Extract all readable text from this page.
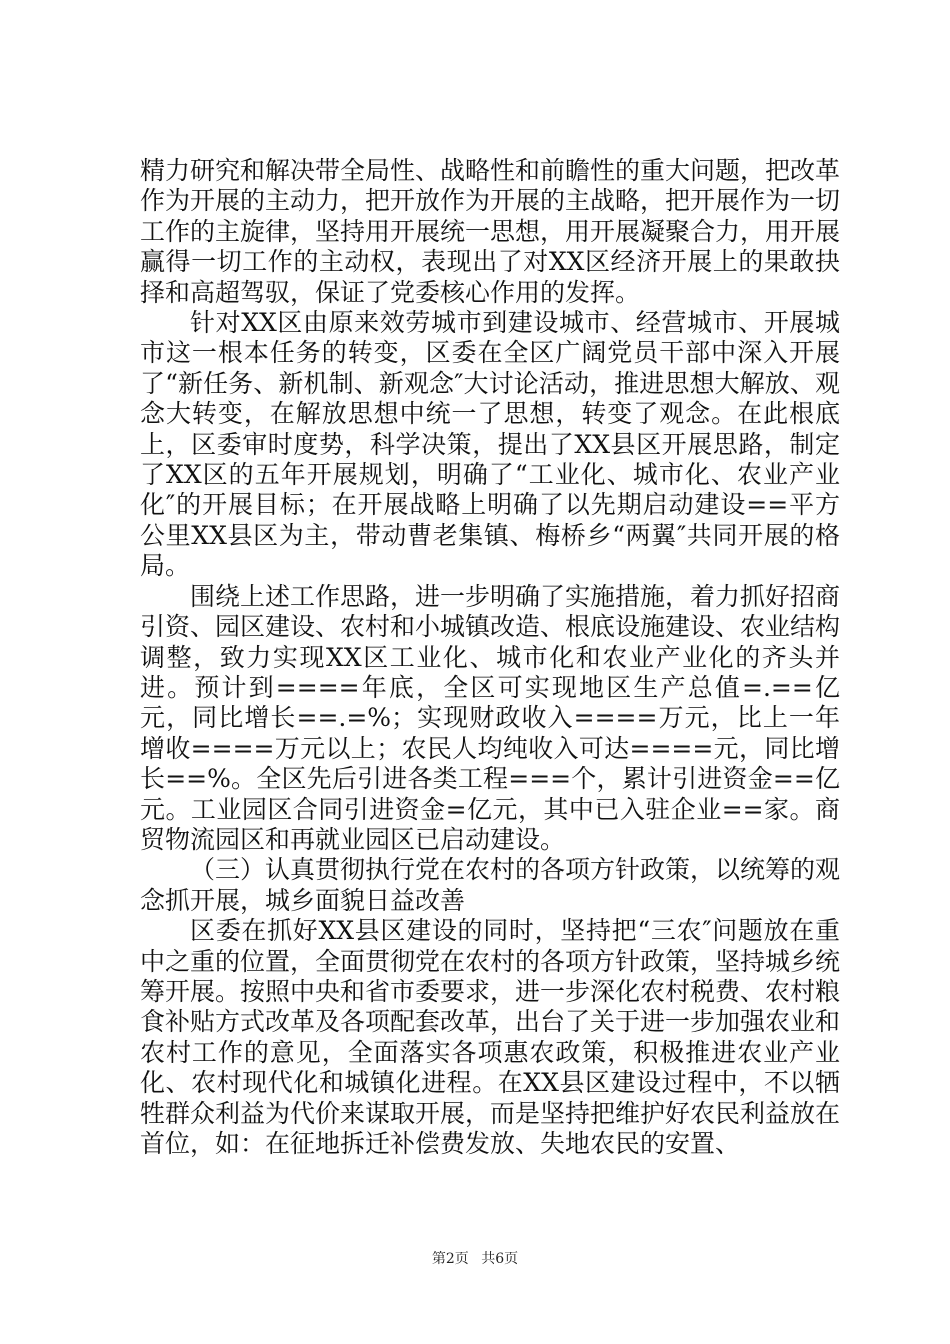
精力研究和解决带全局性、战略性和前瞻性的重大问题，把改革作为开展的主动力，把开放作为开展的主战略，把开展作为一切工作的主旋律，坚持用开展统一思想，用开展凝聚合力，用开展赢得一切工作的主动权，表现出了对XX区经济开展上的果敢抉择和高超驾驭，保证了党委核心作用的发挥。

针对XX区由原来效劳城市到建设城市、经营城市、开展城市这一根本任务的转变，区委在全区广阔党员干部中深入开展了“新任务、新机制、新观念″大讨论活动，推进思想大解放、观念大转变，在解放思想中统一了思想，转变了观念。在此根底上，区委审时度势，科学决策，提出了XX县区开展思路，制定了XX区的五年开展规划，明确了“工业化、城市化、农业产业化″的开展目标；在开展战略上明确了以先期启动建设==平方公里XX县区为主，带动曹老集镇、梅桥乡“两翼″共同开展的格局。

围绕上述工作思路，进一步明确了实施措施，着力抓好招商引资、园区建设、农村和小城镇改造、根底设施建设、农业结构调整，致力实现XX区工业化、城市化和农业产业化的齐头并进。预计到====年底，全区可实现地区生产总值=.==亿元，同比增长==.=%；实现财政收入====万元，比上一年增收====万元以上；农民人均纯收入可达====元，同比增长==%。全区先后引进各类工程===个，累计引进资金==亿元。工业园区合同引进资金=亿元，其中已入驻企业==家。商贸物流园区和再就业园区已启动建设。

（三）认真贯彻执行党在农村的各项方针政策，以统筹的观念抓开展，城乡面貌日益改善

区委在抓好XX县区建设的同时，坚持把“三农″问题放在重中之重的位置，全面贯彻党在农村的各项方针政策，坚持城乡统筹开展。按照中央和省市委要求，进一步深化农村税费、农村粮食补贴方式改革及各项配套改革，出台了关于进一步加强农业和农村工作的意见，全面落实各项惠农政策，积极推进农业产业化、农村现代化和城镇化进程。在XX县区建设过程中，不以牺牲群众利益为代价来谋取开展，而是坚持把维护好农民利益放在首位，如：在征地拆迁补偿费发放、失地农民的安置、

第2页 共6页
